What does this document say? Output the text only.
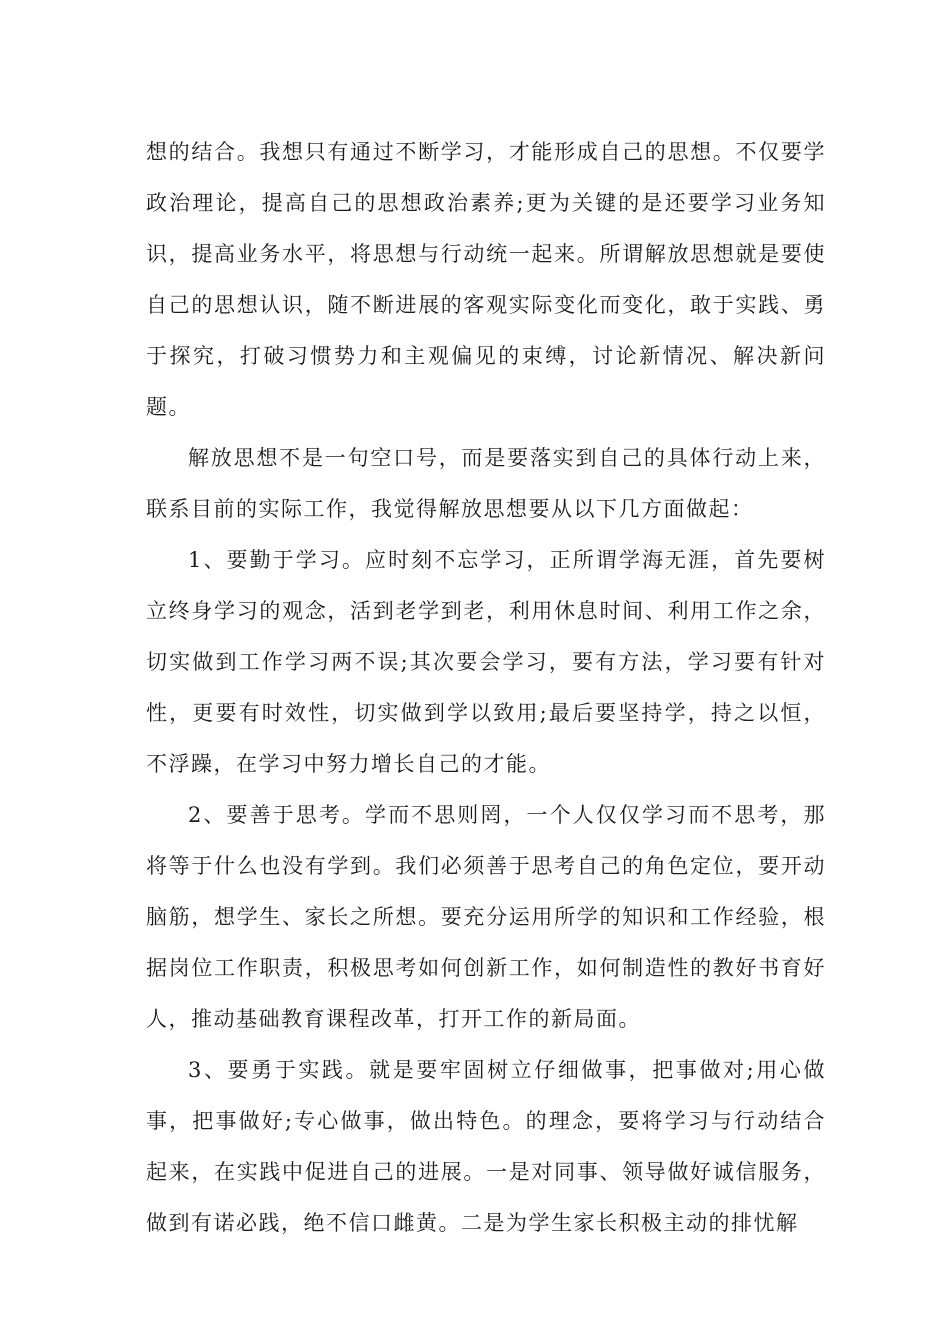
想的结合。我想只有通过不断学习，才能形成自己的思想。不仅要学政治理论，提高自己的思想政治素养;更为关键的是还要学习业务知识，提高业务水平，将思想与行动统一起来。所谓解放思想就是要使自己的思想认识，随不断进展的客观实际变化而变化，敢于实践、勇于探究，打破习惯势力和主观偏见的束缚，讨论新情况、解决新问题。

解放思想不是一句空口号，而是要落实到自己的具体行动上来，联系目前的实际工作，我觉得解放思想要从以下几方面做起：

1、要勤于学习。应时刻不忘学习，正所谓学海无涯，首先要树立终身学习的观念，活到老学到老，利用休息时间、利用工作之余，切实做到工作学习两不误;其次要会学习，要有方法，学习要有针对性，更要有时效性，切实做到学以致用;最后要坚持学，持之以恒，不浮躁，在学习中努力增长自己的才能。

2、要善于思考。学而不思则罔，一个人仅仅学习而不思考，那将等于什么也没有学到。我们必须善于思考自己的角色定位，要开动脑筋，想学生、家长之所想。要充分运用所学的知识和工作经验，根据岗位工作职责，积极思考如何创新工作，如何制造性的教好书育好人，推动基础教育课程改革，打开工作的新局面。

3、要勇于实践。就是要牢固树立仔细做事，把事做对;用心做事，把事做好;专心做事，做出特色。的理念，要将学习与行动结合起来，在实践中促进自己的进展。一是对同事、领导做好诚信服务，做到有诺必践，绝不信口雌黄。二是为学生家长积极主动的排忧解
